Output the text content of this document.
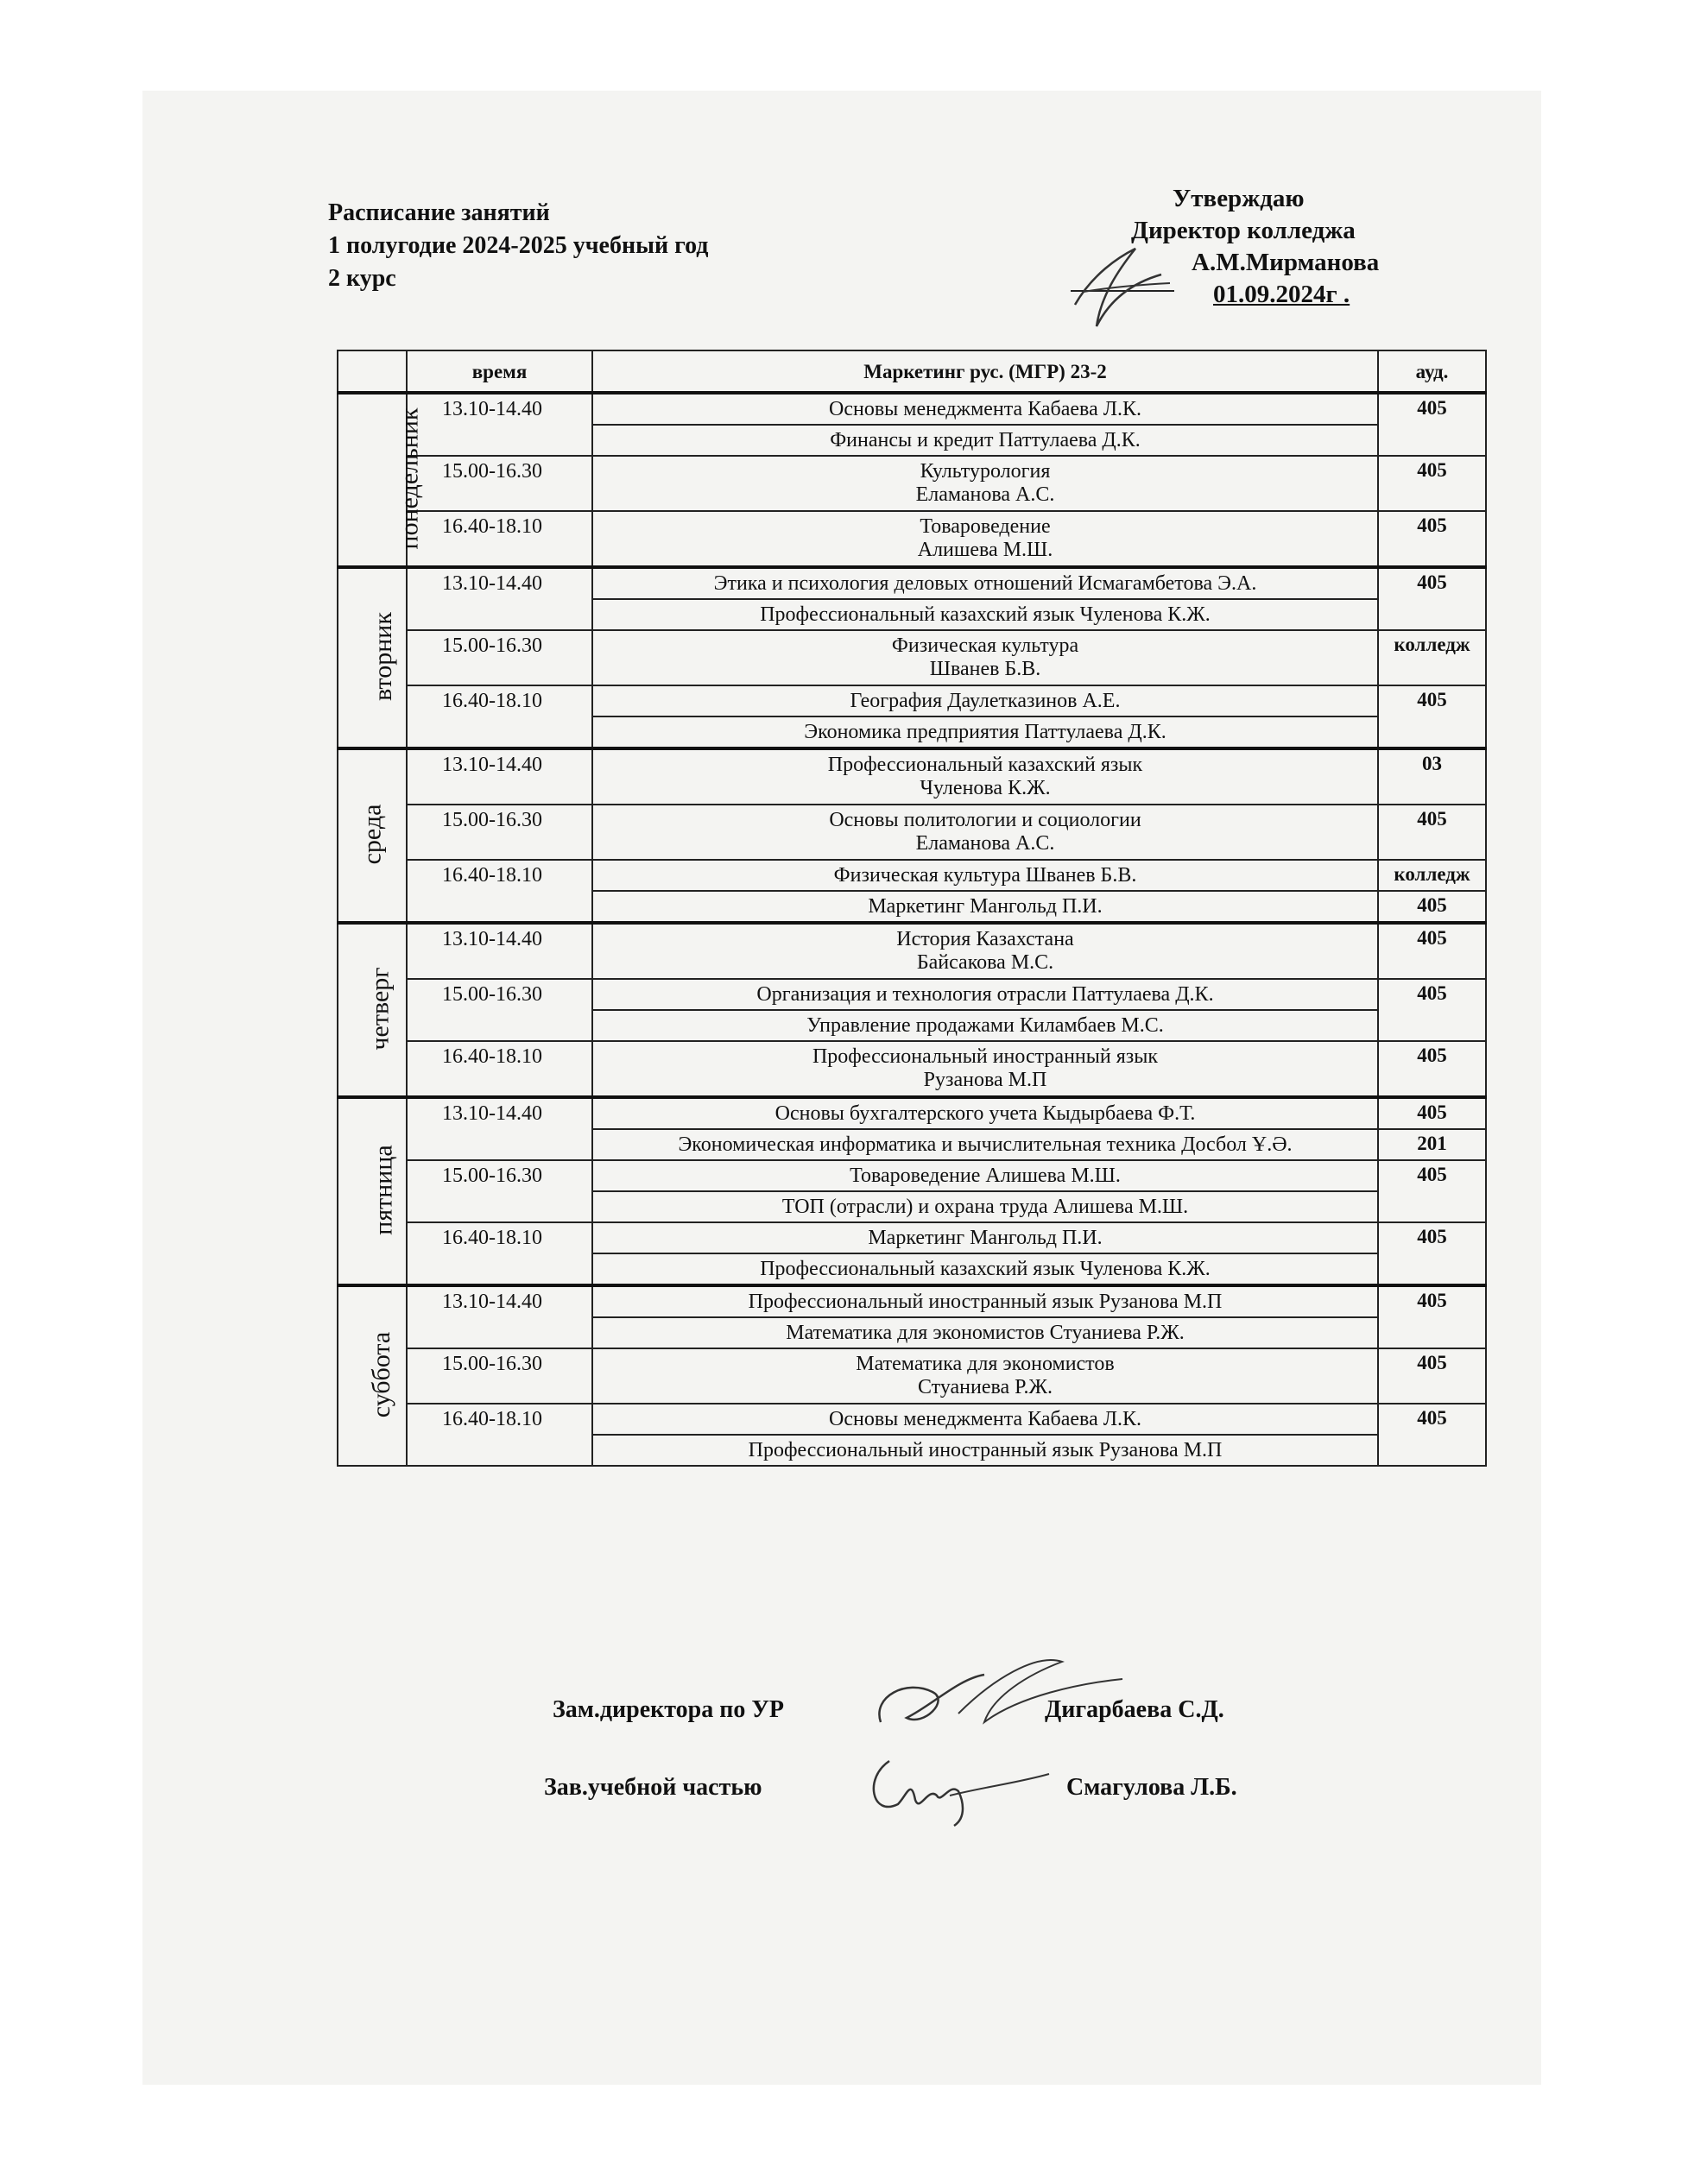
Расписание занятий
1 полугодие 2024-2025 учебный год
2 курс
Утверждаю
Директор колледжа
А.М.Мирманова
01.09.2024г .
	время	Маркетинг рус. (МГР) 23-2	ауд.
понедельник	13.10-14.40	Основы менеджмента Кабаева Л.К.	405

		Финансы и кредит Паттулаева Д.К.	

	15.00-16.30	Культурология
Еламанова А.С.	405
	16.40-18.10	Товароведение
Алишева М.Ш.	405
вторник	13.10-14.40	Этика и психология деловых отношений Исмагамбетова Э.А.	405

		Профессиональный казахский язык Чуленова К.Ж.	

	15.00-16.30	Физическая культура
Шванев Б.В.	колледж
	16.40-18.10	География Даулетказинов А.Е.	405

		Экономика предприятия Паттулаева Д.К.	

среда	13.10-14.40	Профессиональный казахский язык
Чуленова К.Ж.	03
	15.00-16.30	Основы политологии и социологии
Еламанова А.С.	405
	16.40-18.10	Физическая культура Шванев Б.В.	колледж

		Маркетинг Мангольд П.И.	405
четверг	13.10-14.40	История Казахстана
Байсакова М.С.	405
	15.00-16.30	Организация и технология отрасли Паттулаева Д.К.	405

		Управление продажами Киламбаев М.С.	

	16.40-18.10	Профессиональный иностранный язык
Рузанова М.П	405
пятница	13.10-14.40	Основы бухгалтерского учета Кыдырбаева Ф.Т.	405

		Экономическая информатика и вычислительная техника Досбол Ұ.Ә.	201
	15.00-16.30	Товароведение Алишева М.Ш.	405

		ТОП (отрасли) и охрана труда Алишева М.Ш.	

	16.40-18.10	Маркетинг Мангольд П.И.	405

		Профессиональный казахский язык Чуленова К.Ж.	

суббота	13.10-14.40	Профессиональный иностранный язык Рузанова М.П	405

		Математика для экономистов Стуаниева Р.Ж.	

	15.00-16.30	Математика для экономистов
Стуаниева Р.Ж.	405
	16.40-18.10	Основы менеджмента Кабаева Л.К.	405

		Профессиональный иностранный язык Рузанова М.П	
Зам.директора по УР	Дигарбаева С.Д.
Зав.учебной частью	Смагулова Л.Б.
